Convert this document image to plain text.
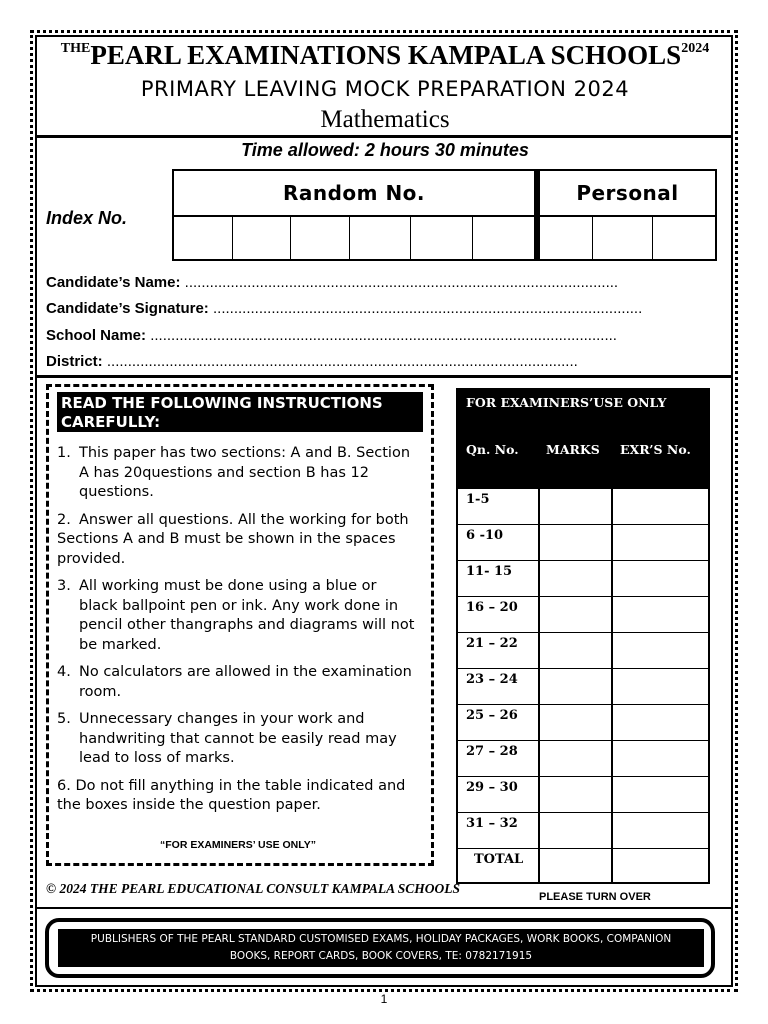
$^{THE}$PEARL EXAMINATIONS KAMPALA $SCHOOLS^{2024}$
PRIMARY LEAVING MOCK PREPARATION 2024
Mathematics
Time allowed: 2 hours 30 minutes
Index No.
Random No.	Personal
Candidate’s Name: ........................................................................................................
Candidate’s Signature: .......................................................................................................
School Name: ................................................................................................................
District: .................................................................................................................
READ THE FOLLOWING INSTRUCTIONS CAREFULLY:
1. This paper has two sections: A and B. Section A has 20questions and section B has 12 questions.
2. Answer all questions. All the working for both
Sections A and B must be shown in the spaces provided.
3. All working must be done using a blue or black ballpoint pen or ink. Any work done in pencil other thangraphs and diagrams will not be marked.
4. No calculators are allowed in the examination room.
5. Unnecessary changes in your work and handwriting that cannot be easily read may lead to loss of marks.
6. Do not fill anything in the table indicated and the boxes inside the question paper.
“FOR EXAMINERS’ USE ONLY”
FOR EXAMINERS’USE ONLY
Qn. No. MARKS EXR’S No.
1-5
6 -10
11- 15
16 – 20
21 – 22
23 – 24
25 – 26
27 – 28
29 – 30
31 – 32
TOTAL
© 2024 THE PEARL EDUCATIONAL CONSULT KAMPALA SCHOOLS
PLEASE TURN OVER
PUBLISHERS OF THE PEARL STANDARD CUSTOMISED EXAMS, HOLIDAY PACKAGES, WORK BOOKS, COMPANION
BOOKS, REPORT CARDS, BOOK COVERS, TE: 0782171915
1
